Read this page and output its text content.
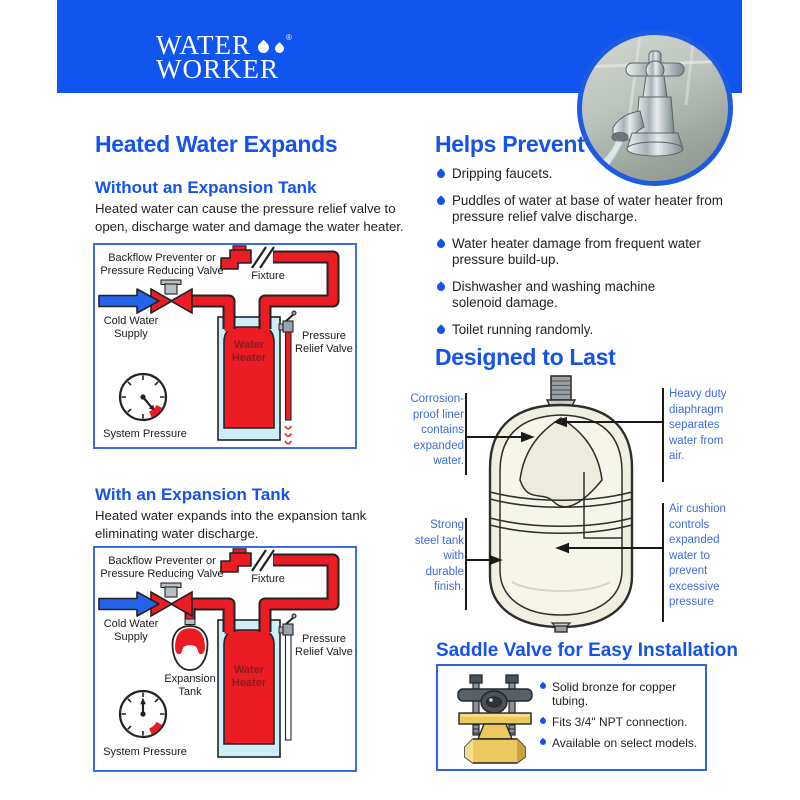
WATER	®
WORKER
Heated Water Expands
Without an Expansion Tank
Heated water can cause the pressure relief valve to open, discharge water and damage the water heater.
Backflow Preventer or Pressure Reducing Valve	Fixture
Cold Water Supply
Water Heater
Pressure Relief Valve
System Pressure
With an Expansion Tank
Heated water expands into the expansion tank eliminating water discharge.
Backflow Preventer or Pressure Reducing Valve	Fixture
Cold Water Supply
Expansion Tank
Water Heater
Pressure Relief Valve
System Pressure
Helps Prevent
Dripping faucets.
Puddles of water at base of water heater from pressure relief valve discharge.
Water heater damage from frequent water pressure build-up.
Dishwasher and washing machine solenoid damage.
Toilet running randomly.
Designed to Last
Corrosion-proof liner contains expanded water.
Strong steel tank with durable finish.
Heavy duty diaphragm separates water from air.
Air cushion controls expanded water to prevent excessive pressure
Saddle Valve for Easy Installation
Solid bronze for copper tubing.
Fits 3/4" NPT connection.
Available on select models.
